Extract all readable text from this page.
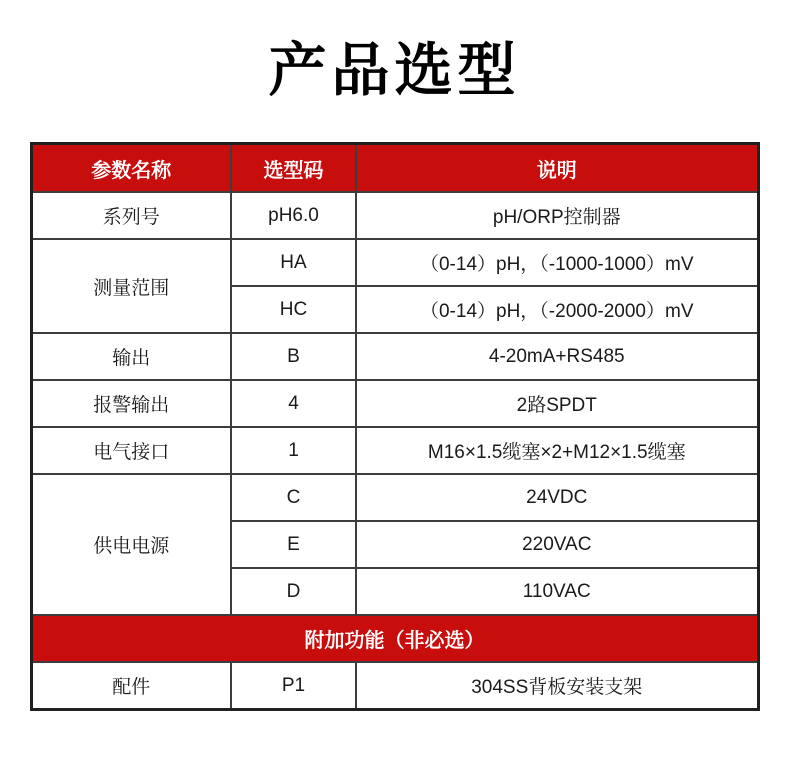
产品选型
参数名称	选型码	说明
系列号	pH6.0	pH/ORP控制器
测量范围	HA	（0-14）pH，（-1000-1000）mV
	HC	（0-14）pH，（-2000-2000）mV
输出	B	4-20mA+RS485
报警输出	4	2路SPDT
电气接口	1	M16×1.5缆塞×2+M12×1.5缆塞
供电电源	C	24VDC
	E	220VAC
	D	110VAC
附加功能（非必选）		
配件	P1	304SS背板安装支架
